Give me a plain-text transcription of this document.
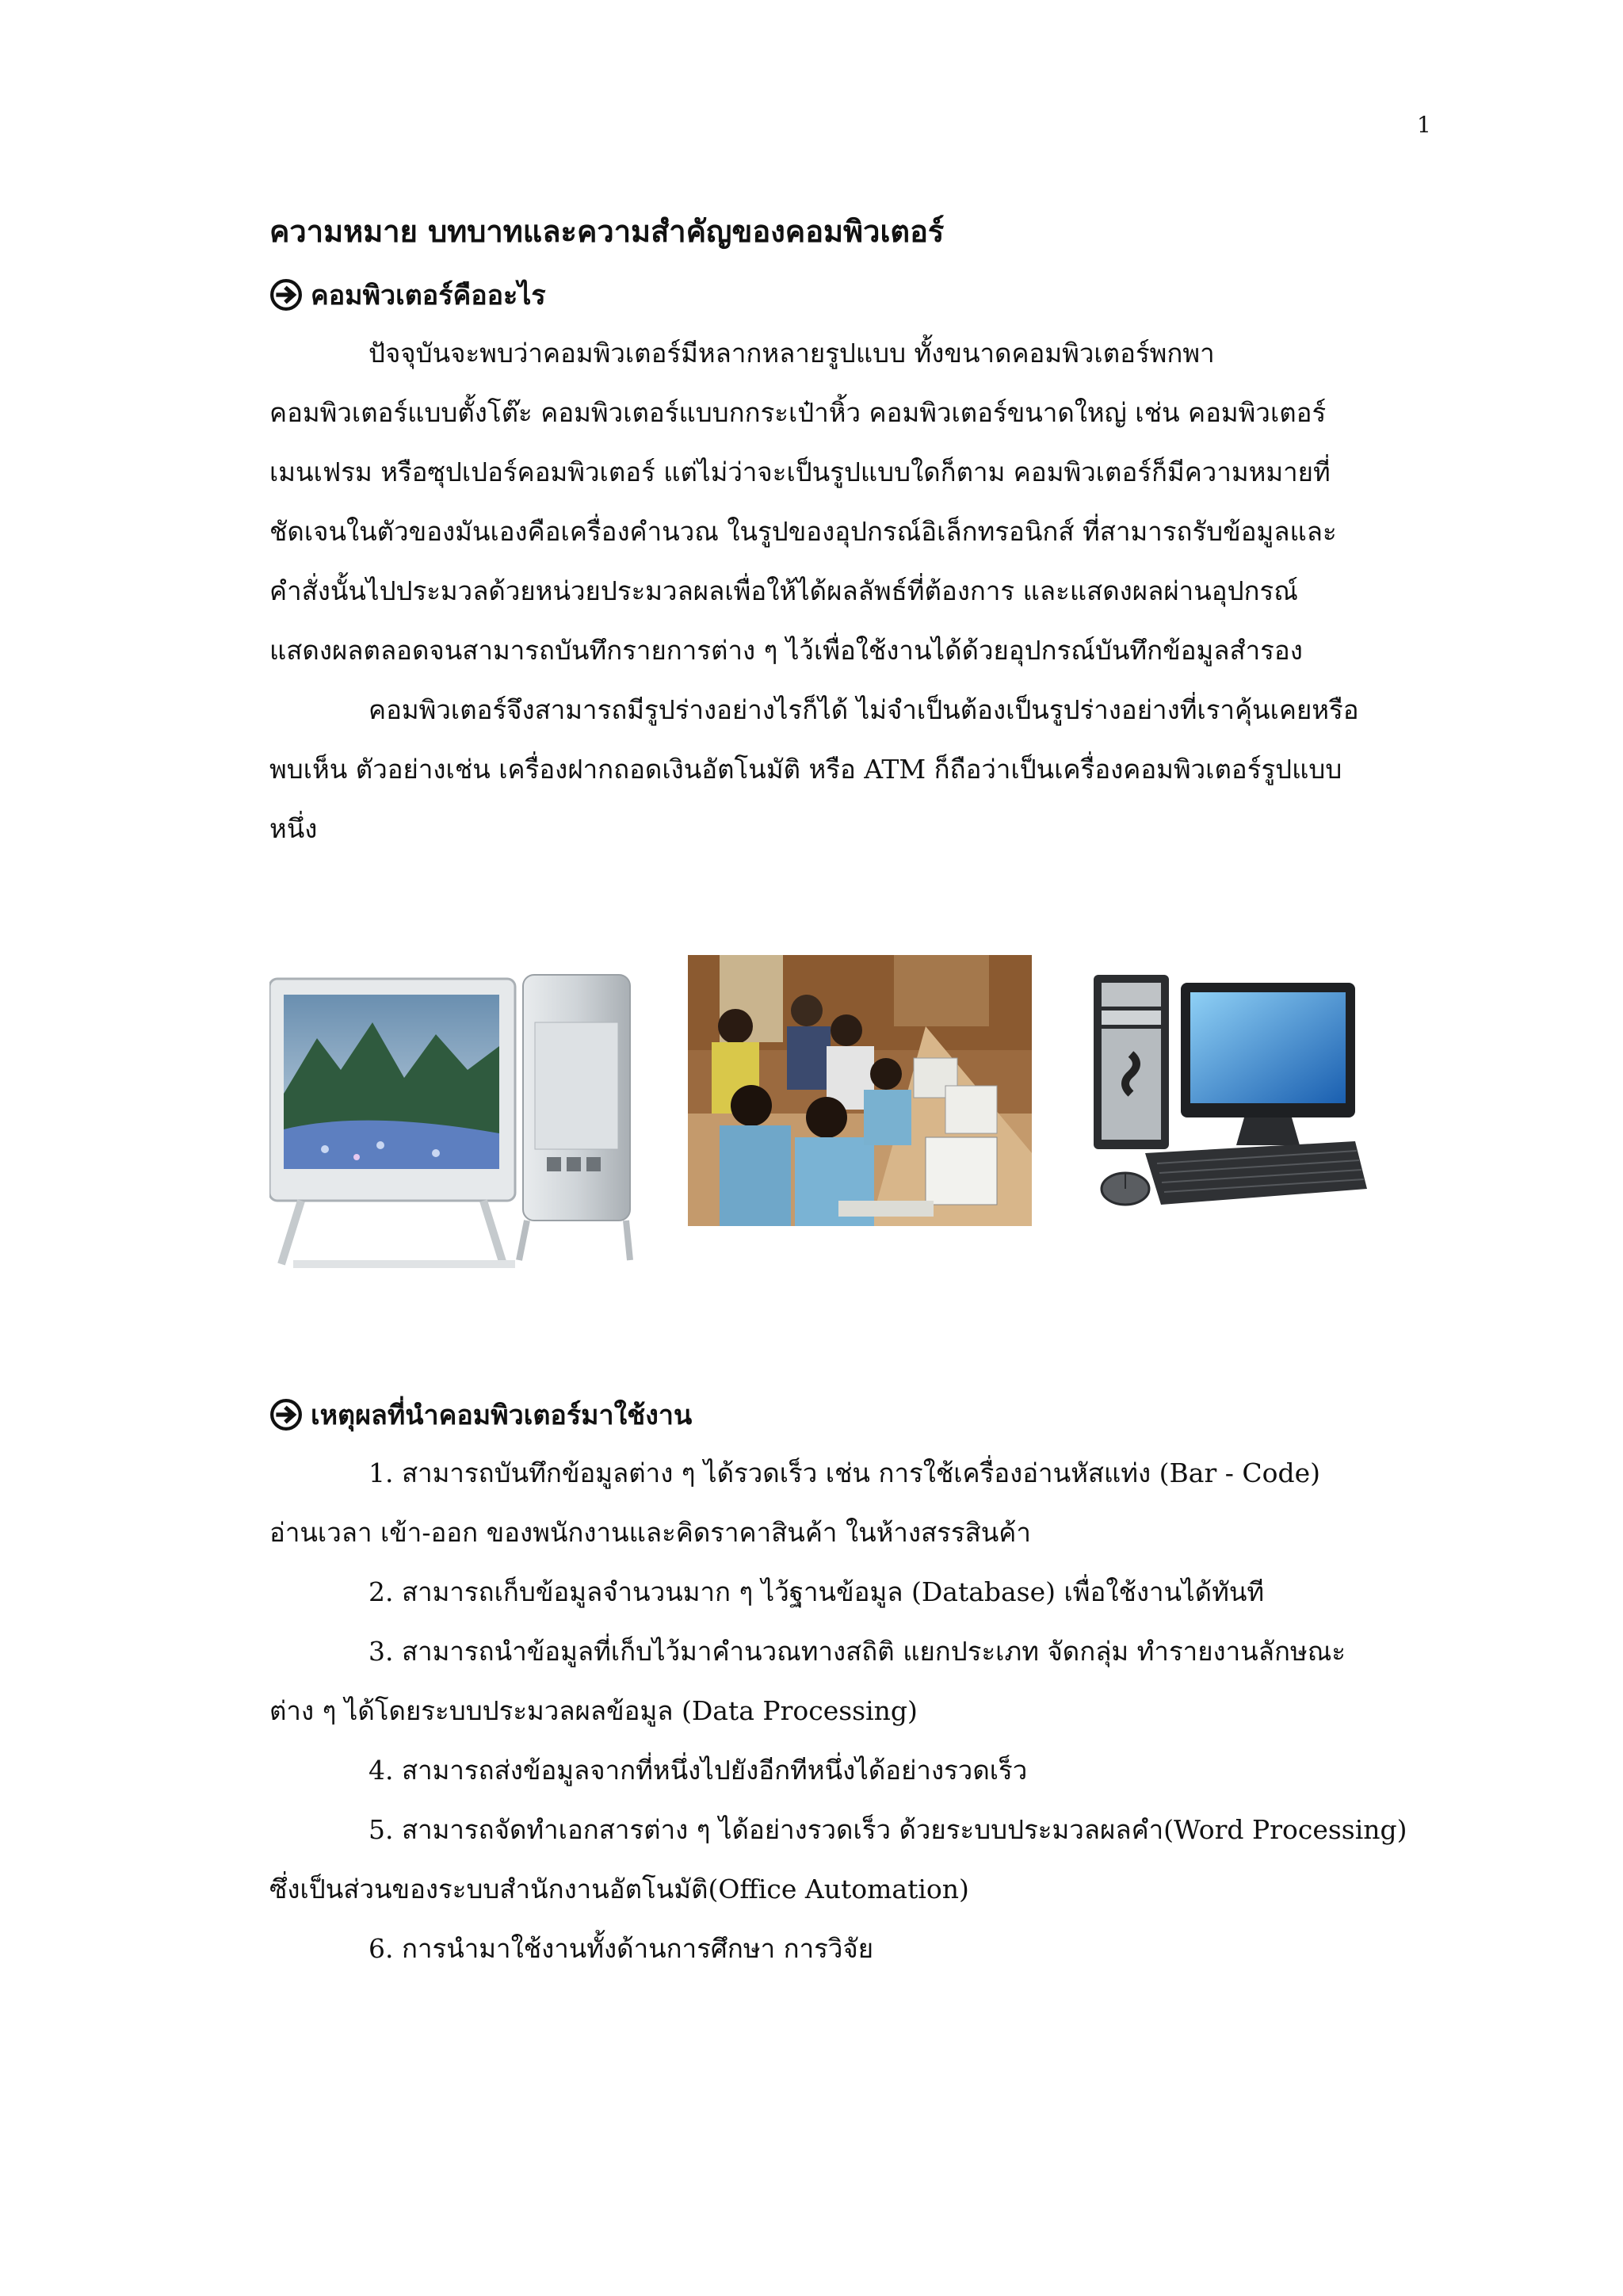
1
ความหมาย บทบาทและความสำคัญของคอมพิวเตอร์
คอมพิวเตอร์คืออะไร
ปัจจุบันจะพบว่าคอมพิวเตอร์มีหลากหลายรูปแบบ ทั้งขนาดคอมพิวเตอร์พกพา
คอมพิวเตอร์แบบตั้งโต๊ะ คอมพิวเตอร์แบบกกระเป๋าหิ้ว คอมพิวเตอร์ขนาดใหญ่ เช่น คอมพิวเตอร์
เมนเฟรม หรือซุปเปอร์คอมพิวเตอร์ แต่ไม่ว่าจะเป็นรูปแบบใดก็ตาม คอมพิวเตอร์ก็มีความหมายที่
ชัดเจนในตัวของมันเองคือเครื่องคำนวณ ในรูปของอุปกรณ์อิเล็กทรอนิกส์ ที่สามารถรับข้อมูลและ
คำสั่งนั้นไปประมวลด้วยหน่วยประมวลผลเพื่อให้ได้ผลลัพธ์ที่ต้องการ และแสดงผลผ่านอุปกรณ์
แสดงผลตลอดจนสามารถบันทึกรายการต่าง ๆ ไว้เพื่อใช้งานได้ด้วยอุปกรณ์บันทึกข้อมูลสำรอง
คอมพิวเตอร์จึงสามารถมีรูปร่างอย่างไรก็ได้ ไม่จำเป็นต้องเป็นรูปร่างอย่างที่เราคุ้นเคยหรือ
พบเห็น ตัวอย่างเช่น เครื่องฝากถอดเงินอัตโนมัติ หรือ ATM ก็ถือว่าเป็นเครื่องคอมพิวเตอร์รูปแบบ
หนึ่ง
เหตุผลที่นำคอมพิวเตอร์มาใช้งาน
1. สามารถบันทึกข้อมูลต่าง ๆ ได้รวดเร็ว เช่น การใช้เครื่องอ่านหัสแท่ง (Bar - Code)
อ่านเวลา เข้า-ออก ของพนักงานและคิดราคาสินค้า ในห้างสรรสินค้า
2. สามารถเก็บข้อมูลจำนวนมาก ๆ ไว้ฐานข้อมูล (Database) เพื่อใช้งานได้ทันที
3. สามารถนำข้อมูลที่เก็บไว้มาคำนวณทางสถิติ แยกประเภท จัดกลุ่ม ทำรายงานลักษณะ
ต่าง ๆ ได้โดยระบบประมวลผลข้อมูล (Data Processing)
4. สามารถส่งข้อมูลจากที่หนึ่งไปยังอีกทีหนึ่งได้อย่างรวดเร็ว
5. สามารถจัดทำเอกสารต่าง ๆ ได้อย่างรวดเร็ว ด้วยระบบประมวลผลคำ(Word Processing)
ซึ่งเป็นส่วนของระบบสำนักงานอัตโนมัติ(Office Automation)
6. การนำมาใช้งานทั้งด้านการศึกษา การวิจัย
